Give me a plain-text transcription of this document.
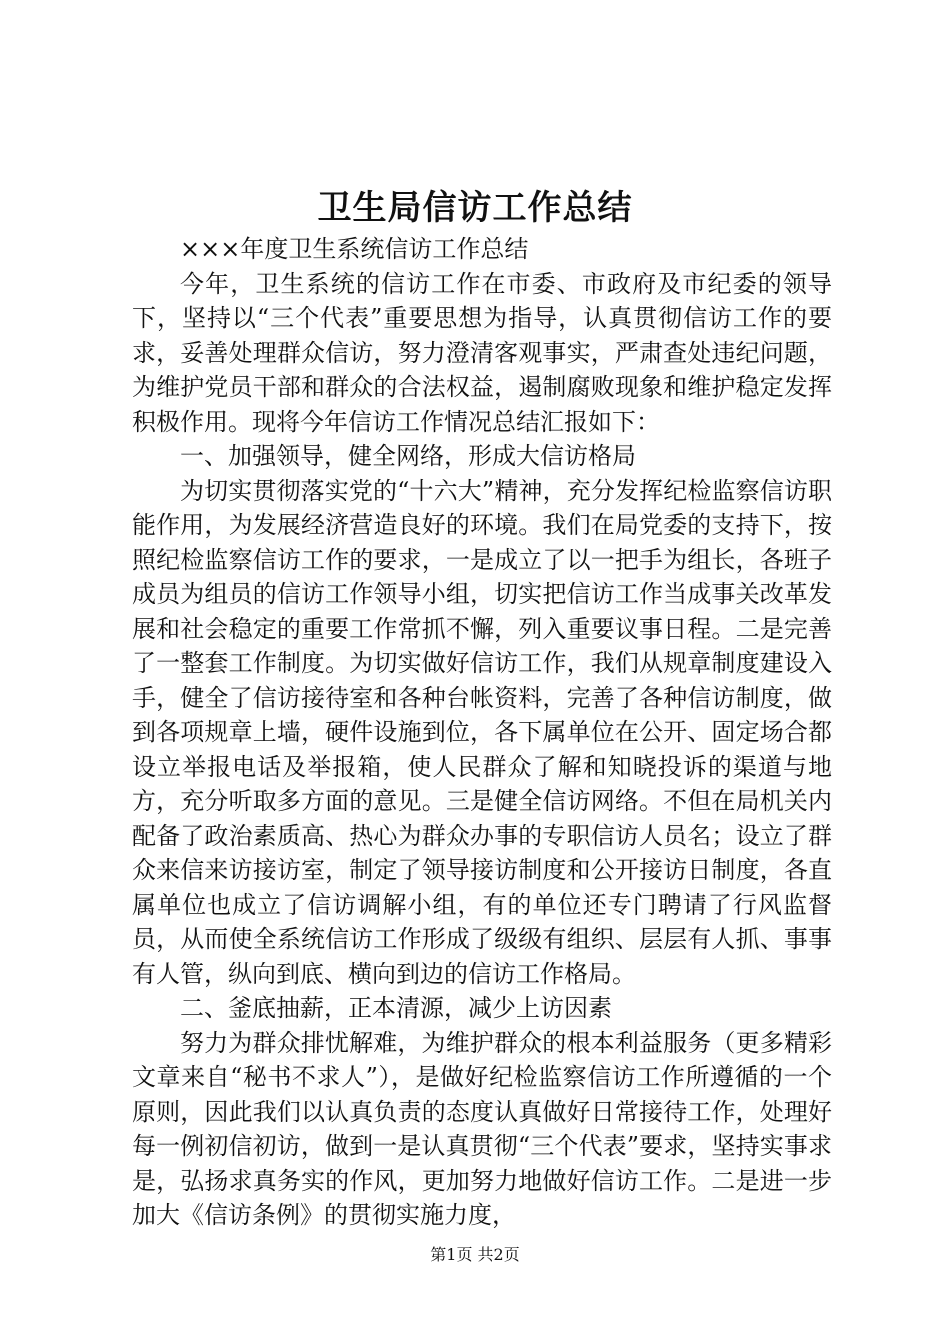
卫生局信访工作总结

×××年度卫生系统信访工作总结

今年，卫生系统的信访工作在市委、市政府及市纪委的领导下，坚持以“三个代表”重要思想为指导，认真贯彻信访工作的要求，妥善处理群众信访，努力澄清客观事实，严肃查处违纪问题，为维护党员干部和群众的合法权益，遏制腐败现象和维护稳定发挥积极作用。现将今年信访工作情况总结汇报如下：

一、加强领导，健全网络，形成大信访格局

为切实贯彻落实党的“十六大”精神，充分发挥纪检监察信访职能作用，为发展经济营造良好的环境。我们在局党委的支持下，按照纪检监察信访工作的要求，一是成立了以一把手为组长，各班子成员为组员的信访工作领导小组，切实把信访工作当成事关改革发展和社会稳定的重要工作常抓不懈，列入重要议事日程。二是完善了一整套工作制度。为切实做好信访工作，我们从规章制度建设入手，健全了信访接待室和各种台帐资料，完善了各种信访制度，做到各项规章上墙，硬件设施到位，各下属单位在公开、固定场合都设立举报电话及举报箱，使人民群众了解和知晓投诉的渠道与地方，充分听取多方面的意见。三是健全信访网络。不但在局机关内配备了政治素质高、热心为群众办事的专职信访人员名；设立了群众来信来访接访室，制定了领导接访制度和公开接访日制度，各直属单位也成立了信访调解小组，有的单位还专门聘请了行风监督员，从而使全系统信访工作形成了级级有组织、层层有人抓、事事有人管，纵向到底、横向到边的信访工作格局。

二、釜底抽薪，正本清源，减少上访因素

努力为群众排忧解难，为维护群众的根本利益服务（更多精彩文章来自“秘书不求人”），是做好纪检监察信访工作所遵循的一个原则，因此我们以认真负责的态度认真做好日常接待工作，处理好每一例初信初访，做到一是认真贯彻“三个代表”要求，坚持实事求是，弘扬求真务实的作风，更加努力地做好信访工作。二是进一步加大《信访条例》的贯彻实施力度，

第1页 共2页
